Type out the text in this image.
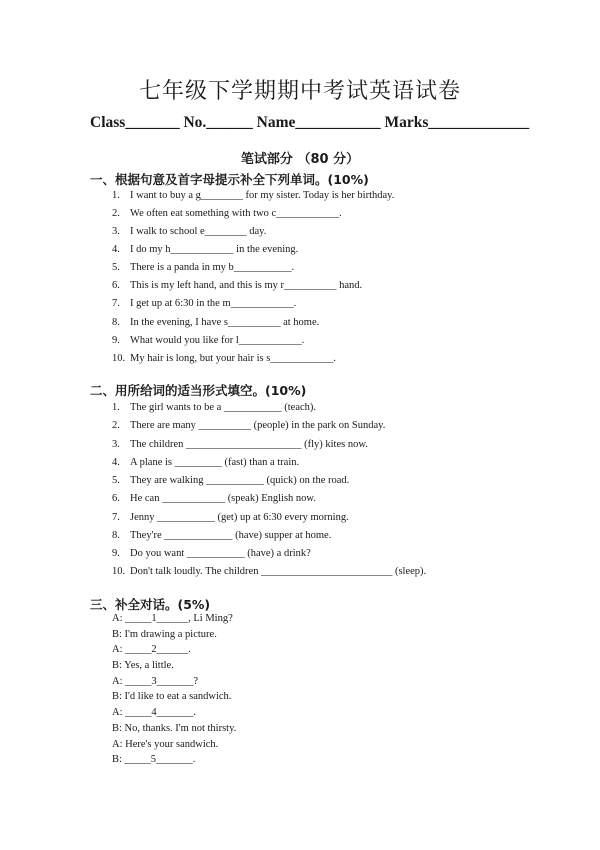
七年级下学期期中考试英语试卷

Class_______ No.______ Name___________ Marks_____________

笔试部分 （80 分）

一、根据句意及首字母提示补全下列单词。(10%)

1. I want to buy a g________ for my sister. Today is her birthday.
2. We often eat something with two c____________.
3. I walk to school e________ day.
4. I do my h____________ in the evening.
5. There is a panda in my b___________.
6. This is my left hand, and this is my r__________ hand.
7. I get up at 6:30 in the m____________.
8. In the evening, I have s__________ at home.
9. What would you like for l____________.
10. My hair is long, but your hair is s____________.

二、用所给词的适当形式填空。(10%)

1. The girl wants to be a ___________ (teach).
2. There are many __________ (people) in the park on Sunday.
3. The children ______________________ (fly) kites now.
4. A plane is _________ (fast) than a train.
5. They are walking ___________ (quick) on the road.
6. He can ____________ (speak) English now.
7. Jenny ___________ (get) up at 6:30 every morning.
8. They're _____________ (have) supper at home.
9. Do you want ___________ (have) a drink?
10. Don't talk loudly. The children _________________________ (sleep).

三、补全对话。(5%)

A: _____1______, Li Ming?
B: I'm drawing a picture.
A: _____2______.
B: Yes, a little.
A: _____3_______?
B: I'd like to eat a sandwich.
A: _____4_______.
B: No, thanks. I'm not thirsty.
A: Here's your sandwich.
B: _____5_______.
